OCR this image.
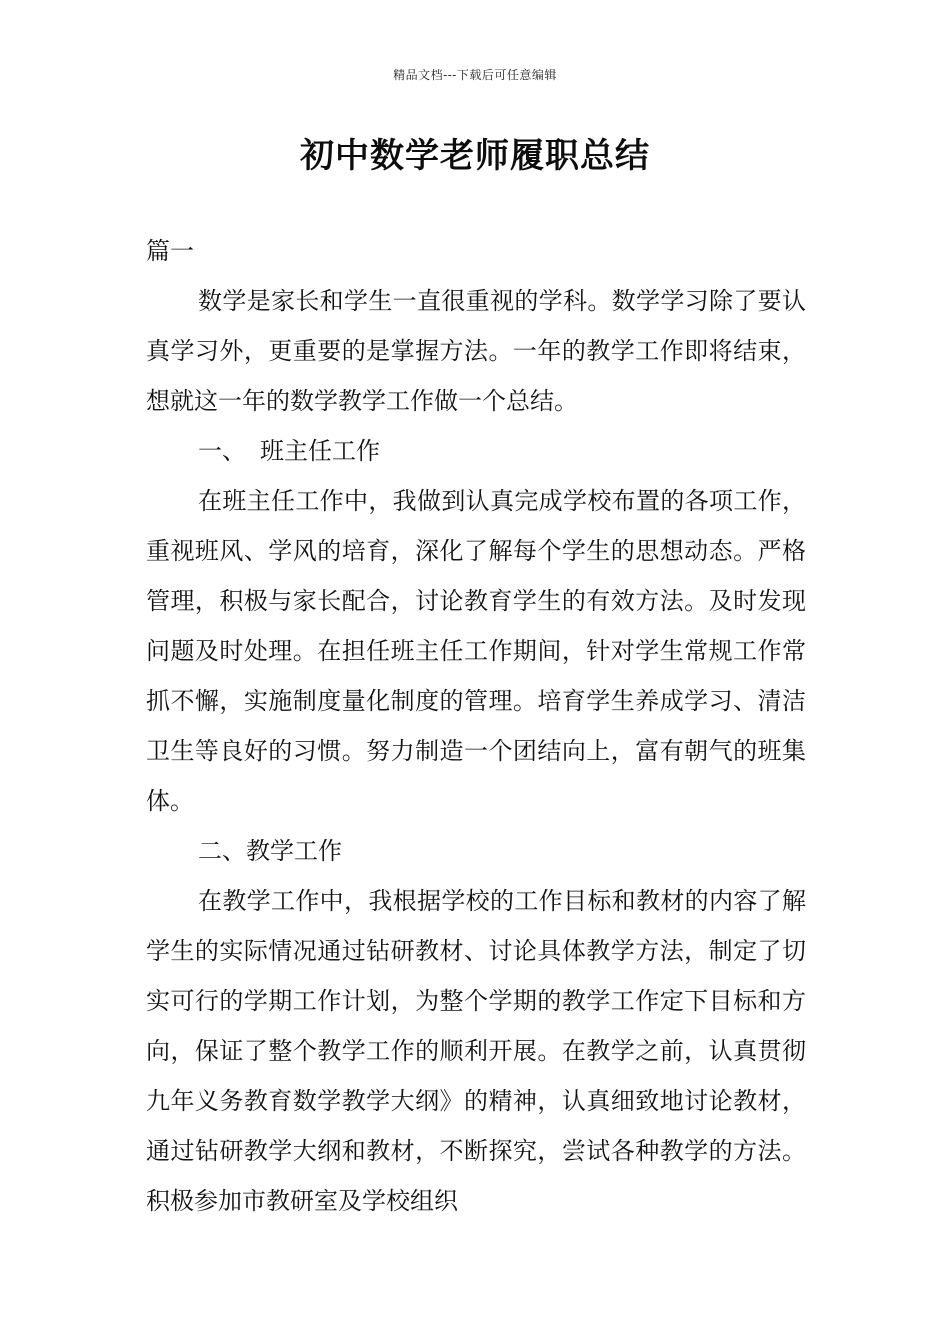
精品文档---下载后可任意编辑
初中数学老师履职总结

篇一

数学是家长和学生一直很重视的学科。数学学习除了要认真学习外，更重要的是掌握方法。一年的教学工作即将结束，想就这一年的数学教学工作做一个总结。

一、 班主任工作

在班主任工作中，我做到认真完成学校布置的各项工作，重视班风、学风的培育，深化了解每个学生的思想动态。严格管理，积极与家长配合，讨论教育学生的有效方法。及时发现问题及时处理。在担任班主任工作期间，针对学生常规工作常抓不懈，实施制度量化制度的管理。培育学生养成学习、清洁卫生等良好的习惯。努力制造一个团结向上，富有朝气的班集体。

二、教学工作

在教学工作中，我根据学校的工作目标和教材的内容了解学生的实际情况通过钻研教材、讨论具体教学方法，制定了切实可行的学期工作计划，为整个学期的教学工作定下目标和方向，保证了整个教学工作的顺利开展。在教学之前，认真贯彻九年义务教育数学教学大纲》的精神，认真细致地讨论教材，通过钻研教学大纲和教材，不断探究，尝试各种教学的方法。积极参加市教研室及学校组织
